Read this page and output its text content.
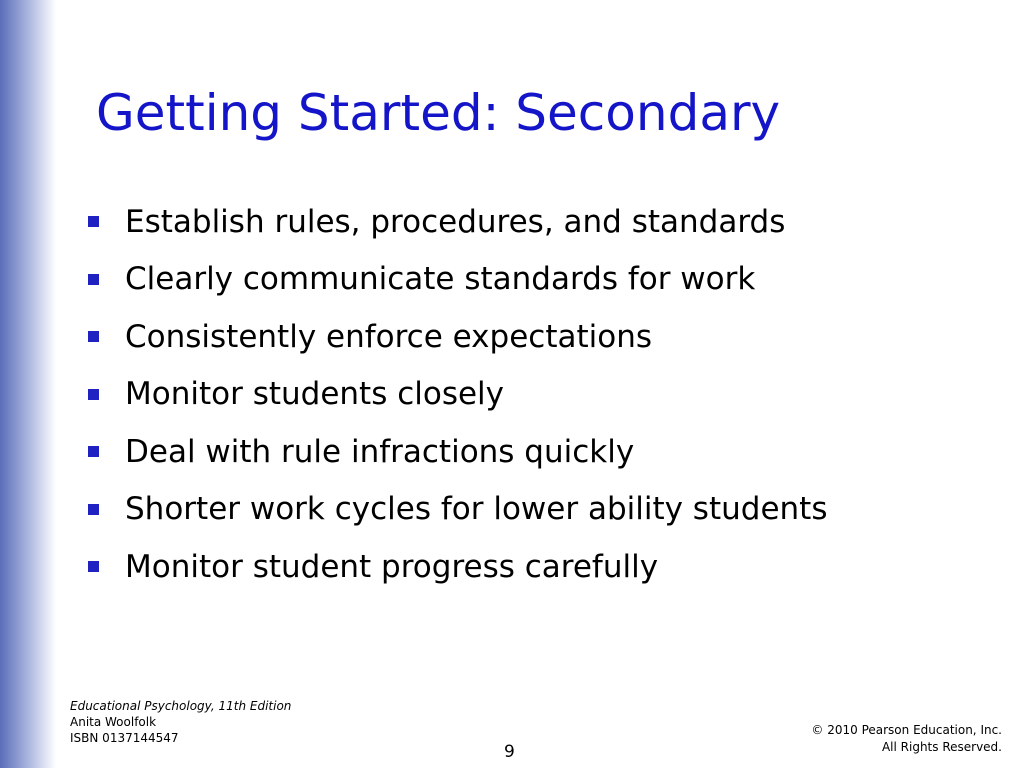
Getting Started: Secondary
Establish rules, procedures, and standards
Clearly communicate standards for work
Consistently enforce expectations
Monitor students closely
Deal with rule infractions quickly
Shorter work cycles for lower ability students
Monitor student progress carefully
Educational Psychology, 11th Edition
Anita Woolfolk
ISBN 0137144547
9
© 2010 Pearson Education, Inc.
All Rights Reserved.
